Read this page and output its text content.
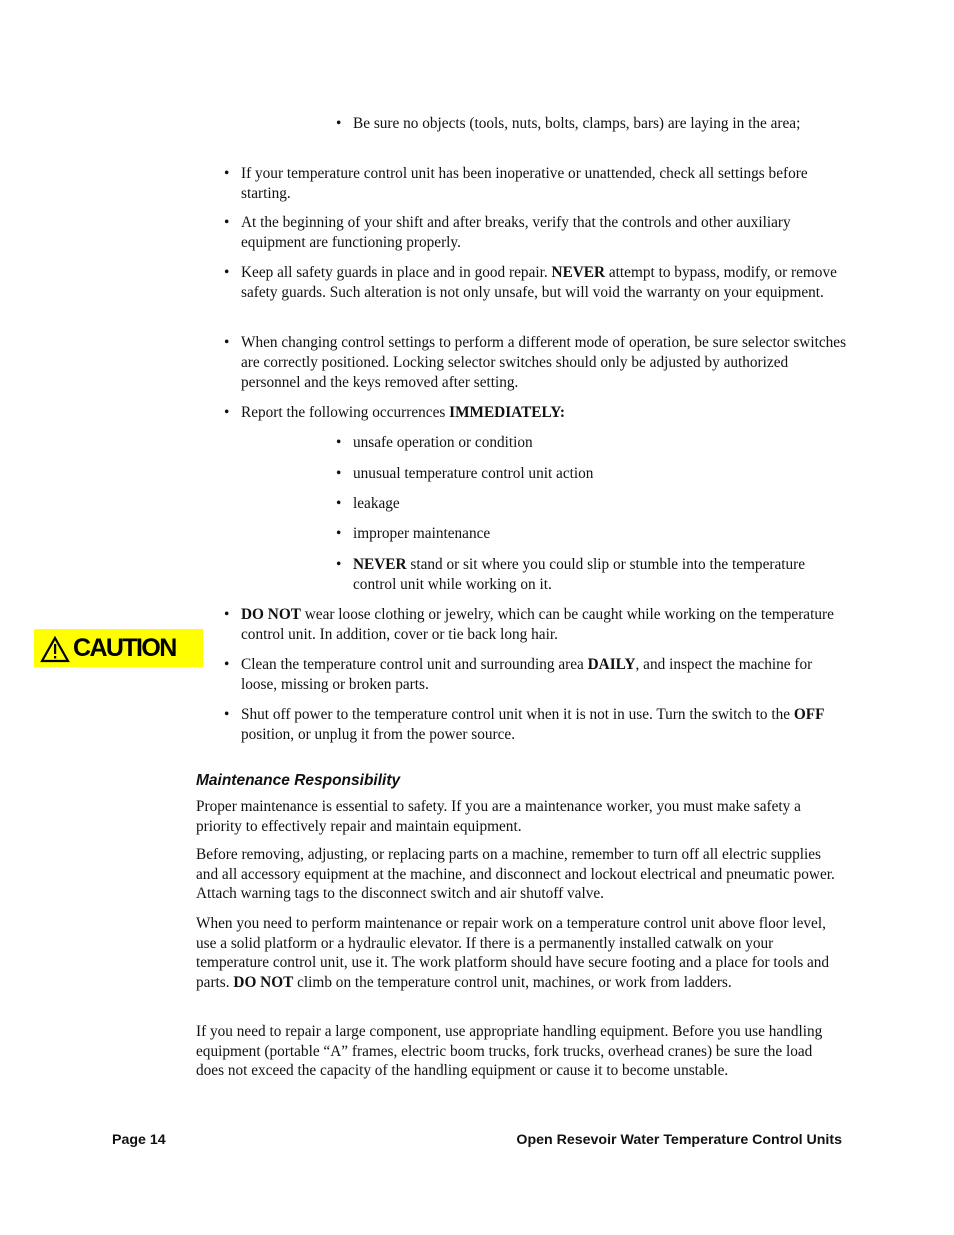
• Be sure no objects (tools, nuts, bolts, clamps, bars) are laying in the area;
• If your temperature control unit has been inoperative or unattended, check all settings before starting.
• At the beginning of your shift and after breaks, verify that the controls and other auxiliary equipment are functioning properly.
• Keep all safety guards in place and in good repair. NEVER attempt to bypass, modify, or remove safety guards. Such alteration is not only unsafe, but will void the warranty on your equipment.
• When changing control settings to perform a different mode of operation, be sure selector switches are correctly positioned. Locking selector switches should only be adjusted by authorized personnel and the keys removed after setting.
• Report the following occurrences IMMEDIATELY:
• unsafe operation or condition
• unusual temperature control unit action
• leakage
• improper maintenance
• NEVER stand or sit where you could slip or stumble into the temperature control unit while working on it.
• DO NOT wear loose clothing or jewelry, which can be caught while working on the temperature control unit. In addition, cover or tie back long hair.
CAUTION
• Clean the temperature control unit and surrounding area DAILY, and inspect the machine for loose, missing or broken parts.
• Shut off power to the temperature control unit when it is not in use. Turn the switch to the OFF position, or unplug it from the power source.
Maintenance Responsibility
Proper maintenance is essential to safety. If you are a maintenance worker, you must make safety a priority to effectively repair and maintain equipment.
Before removing, adjusting, or replacing parts on a machine, remember to turn off all electric supplies and all accessory equipment at the machine, and disconnect and lockout electrical and pneumatic power. Attach warning tags to the disconnect switch and air shutoff valve.
When you need to perform maintenance or repair work on a temperature control unit above floor level, use a solid platform or a hydraulic elevator. If there is a permanently installed catwalk on your temperature control unit, use it. The work platform should have secure footing and a place for tools and parts. DO NOT climb on the temperature control unit, machines, or work from ladders.
If you need to repair a large component, use appropriate handling equipment. Before you use handling equipment (portable “A” frames, electric boom trucks, fork trucks, overhead cranes) be sure the load does not exceed the capacity of the handling equipment or cause it to become unstable.
Page 14	Open Resevoir Water Temperature Control Units
